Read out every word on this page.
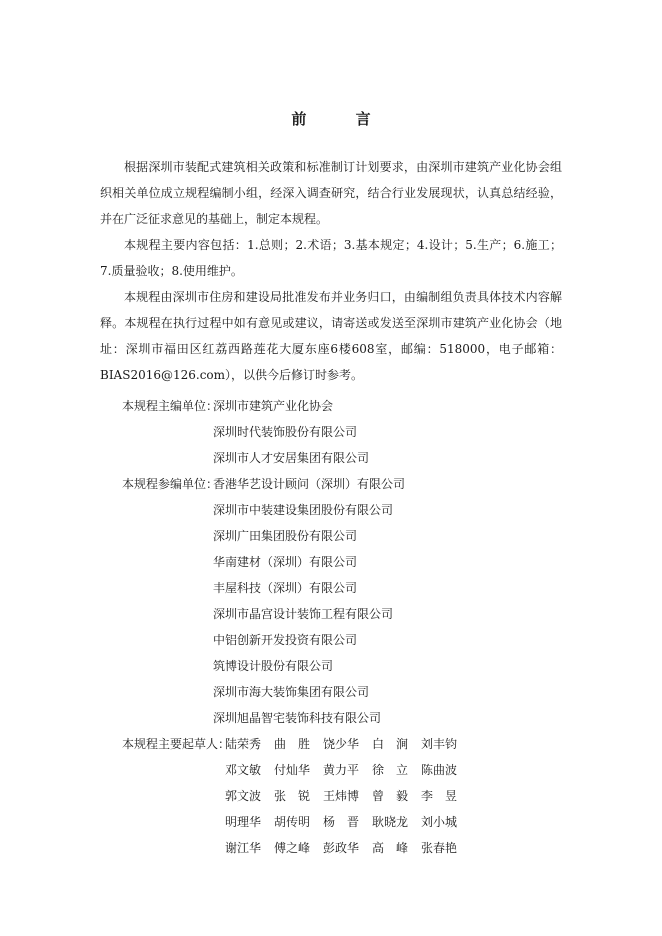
前 言

根据深圳市装配式建筑相关政策和标准制订计划要求，由深圳市建筑产业化协会组织相关单位成立规程编制小组，经深入调查研究，结合行业发展现状，认真总结经验，并在广泛征求意见的基础上，制定本规程。

本规程主要内容包括：1.总则；2.术语；3.基本规定；4.设计；5.生产；6.施工；7.质量验收；8.使用维护。

本规程由深圳市住房和建设局批准发布并业务归口，由编制组负责具体技术内容解释。本规程在执行过程中如有意见或建议，请寄送或发送至深圳市建筑产业化协会（地址：深圳市福田区红荔西路莲花大厦东座6楼608室，邮编：518000，电子邮箱：BIAS2016@126.com），以供今后修订时参考。

本规程主编单位：
深圳市建筑产业化协会
深圳时代装饰股份有限公司
深圳市人才安居集团有限公司
本规程参编单位：
香港华艺设计顾问（深圳）有限公司
深圳市中装建设集团股份有限公司
深圳广田集团股份有限公司
华南建材（深圳）有限公司
丰屋科技（深圳）有限公司
深圳市晶宫设计装饰工程有限公司
中铝创新开发投资有限公司
筑博设计股份有限公司
深圳市海大装饰集团有限公司
深圳旭晶智宅装饰科技有限公司
本规程主要起草人：
陆荣秀	曲　胜	饶少华	白　涧	刘丰钧
邓文敏	付灿华	黄力平	徐　立	陈曲波
郭文波	张　锐	王炜博	曾　毅	李　昱
明理华	胡传明	杨　晋	耿晓龙	刘小城
谢江华	傅之峰	彭政华	高　峰	张春艳
